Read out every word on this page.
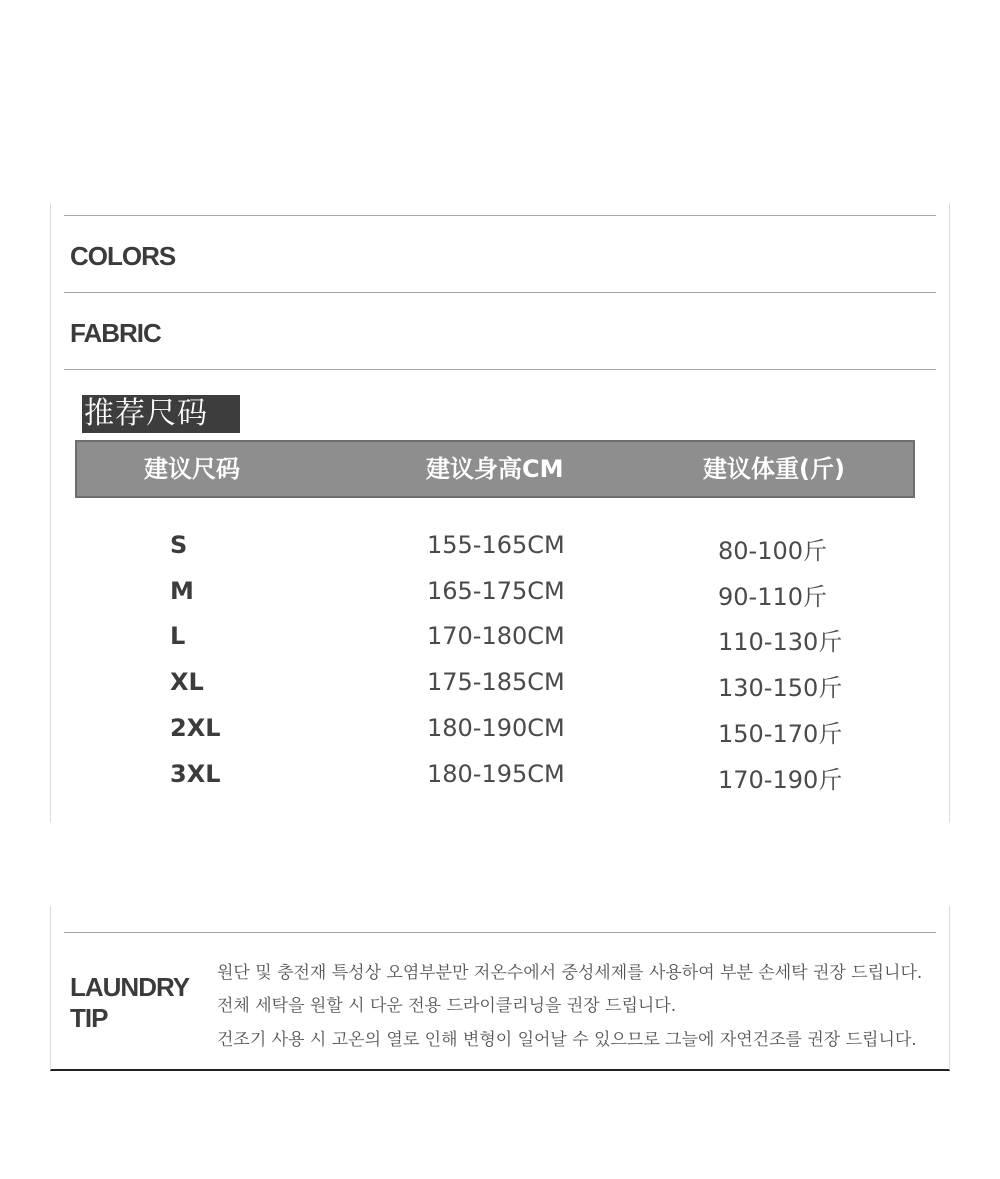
COLORS
FABRIC
推荐尺码
建议尺码	建议身高CM	建议体重(斤)
S	155-165CM	80-100斤
M	165-175CM	90-110斤
L	170-180CM	110-130斤
XL	175-185CM	130-150斤
2XL	180-190CM	150-170斤
3XL	180-195CM	170-190斤
LAUNDRY
TIP
원단 및 충전재 특성상 오염부분만 저온수에서 중성세제를 사용하여 부분 손세탁 권장 드립니다.
전체 세탁을 원할 시 다운 전용 드라이클리닝을 권장 드립니다.
건조기 사용 시 고온의 열로 인해 변형이 일어날 수 있으므로 그늘에 자연건조를 권장 드립니다.
